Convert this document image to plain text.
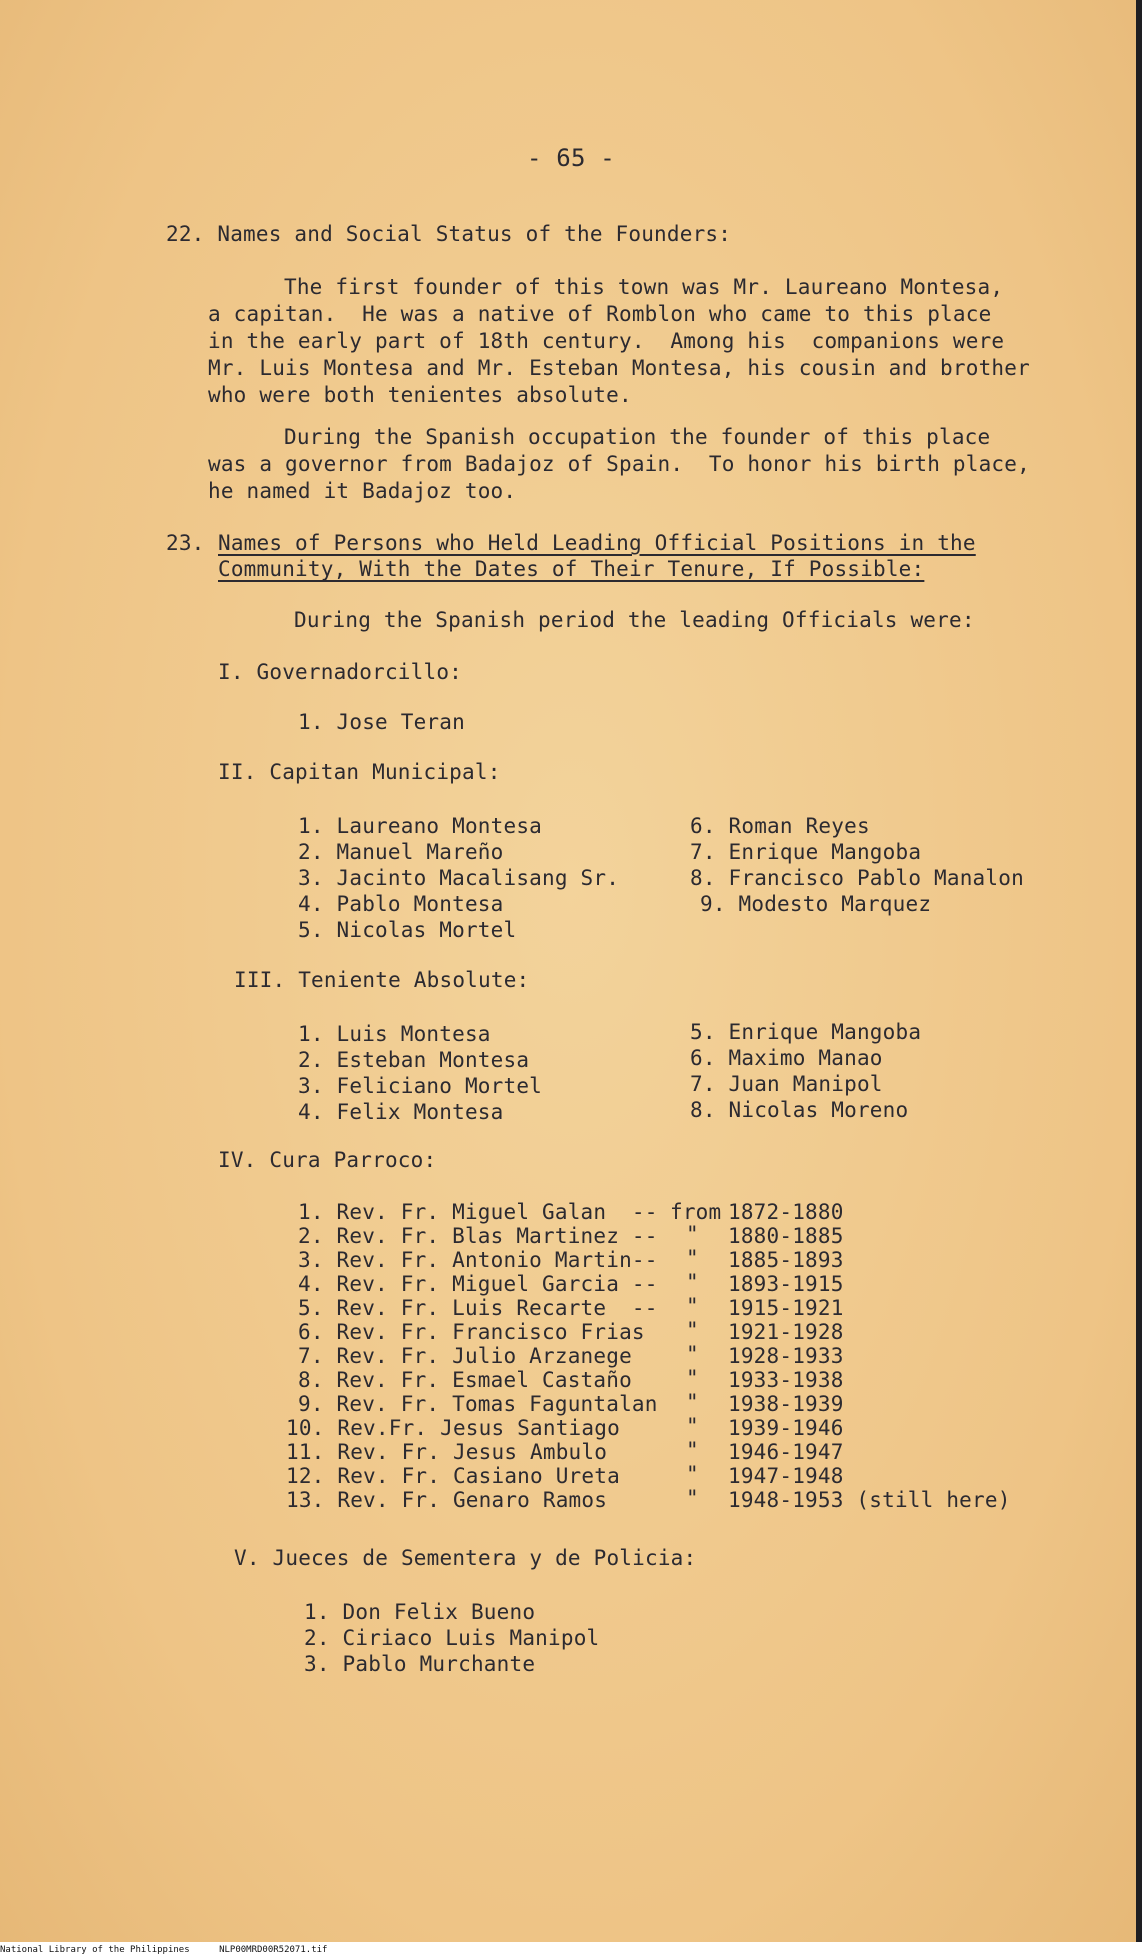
- 65 -
22. Names and Social Status of the Founders:
The first founder of this town was Mr. Laureano Montesa,
a capitan.  He was a native of Romblon who came to this place
in the early part of 18th century.  Among his  companions were
Mr. Luis Montesa and Mr. Esteban Montesa, his cousin and brother
who were both tenientes absolute.
During the Spanish occupation the founder of this place
was a governor from Badajoz of Spain.  To honor his birth place,
he named it Badajoz too.
23. Names of Persons who Held Leading Official Positions in the
Community, With the Dates of Their Tenure, If Possible:
During the Spanish period the leading Officials were:
I. Governadorcillo:
1. Jose Teran
II. Capitan Municipal:
1. Laureano Montesa
2. Manuel Mareño
3. Jacinto Macalisang Sr.
4. Pablo Montesa
5. Nicolas Mortel
6. Roman Reyes
7. Enrique Mangoba
8. Francisco Pablo Manalon
9. Modesto Marquez
III. Teniente Absolute:
1. Luis Montesa
2. Esteban Montesa
3. Feliciano Mortel
4. Felix Montesa
5. Enrique Mangoba
6. Maximo Manao
7. Juan Manipol
8. Nicolas Moreno
IV. Cura Parroco:
1. Rev. Fr. Miguel Galan  -- from 1872-1880
2. Rev. Fr. Blas Martinez -- " 1880-1885
3. Rev. Fr. Antonio Martin-- " 1885-1893
4. Rev. Fr. Miguel Garcia -- " 1893-1915
5. Rev. Fr. Luis Recarte  -- " 1915-1921
6. Rev. Fr. Francisco Frias " 1921-1928
7. Rev. Fr. Julio Arzanege	" 1928-1933
8. Rev. Fr. Esmael Castaño	" 1933-1938
9. Rev. Fr. Tomas Faguntalan " 1938-1939
10. Rev.Fr. Jesus Santiago	" 1939-1946
11. Rev. Fr. Jesus Ambulo	" 1946-1947
12. Rev. Fr. Casiano Ureta	" 1947-1948
13. Rev. Fr. Genaro Ramos	" 1948-1953 (still here)
V. Jueces de Sementera y de Policia:
1. Don Felix Bueno
2. Ciriaco Luis Manipol
3. Pablo Murchante
National Library of the Philippines	NLP00MRD00R52071.tif
